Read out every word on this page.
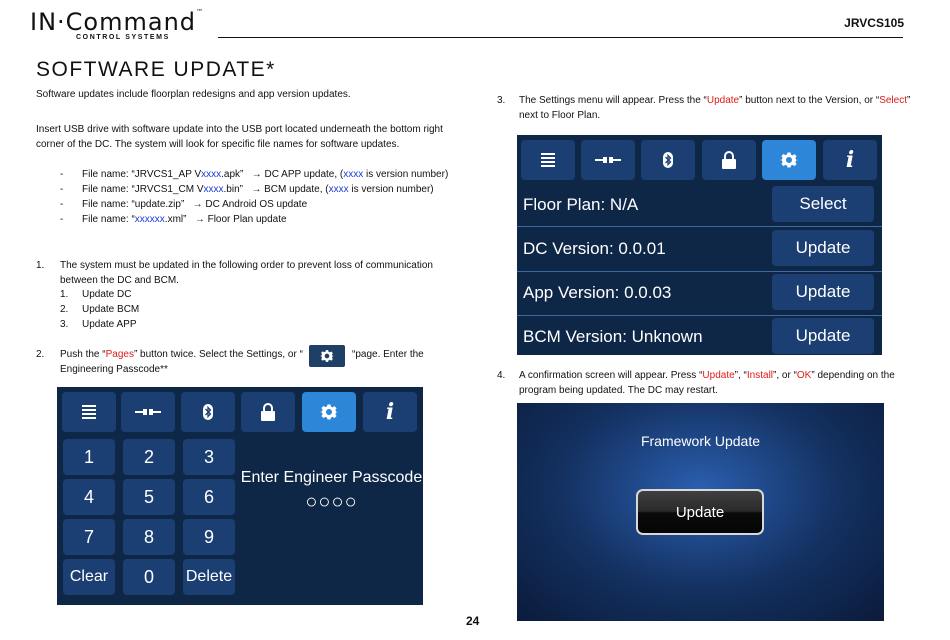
IN·Command™
CONTROL SYSTEMS
JRVCS105
SOFTWARE UPDATE*
Software updates include floorplan redesigns and app version updates.
Insert USB drive with software update into the USB port located underneath the bottom right
corner of the DC. The system will look for specific file names for software updates.
-	File name: “JRVCS1_AP Vxxxx.apk” → DC APP update, (xxxx is version number)
-	File name: “JRVCS1_CM Vxxxx.bin” → BCM update, (xxxx is version number)
-	File name: “update.zip” → DC Android OS update
-	File name: “xxxxxx.xml” → Floor Plan update
1. The system must be updated in the following order to prevent loss of communication
between the DC and BCM.
1. Update DC
2. Update BCM
3. Update APP
2. Push the “Pages” button twice. Select the Settings, or “	“page. Enter the
Engineering Passcode**
i
1	2	3
4	5	6
7	8	9
Clear	0	Delete
Enter Engineer Passcode
○○○○
3. The Settings menu will appear. Press the “Update” button next to the Version, or “Select”
next to Floor Plan.
i
Floor Plan: N/A	Select
DC Version: 0.0.01	Update
App Version: 0.0.03	Update
BCM Version: Unknown	Update
4. A confirmation screen will appear. Press “Update”, “Install”, or “OK” depending on the
program being updated. The DC may restart.
Framework Update
Update
24
